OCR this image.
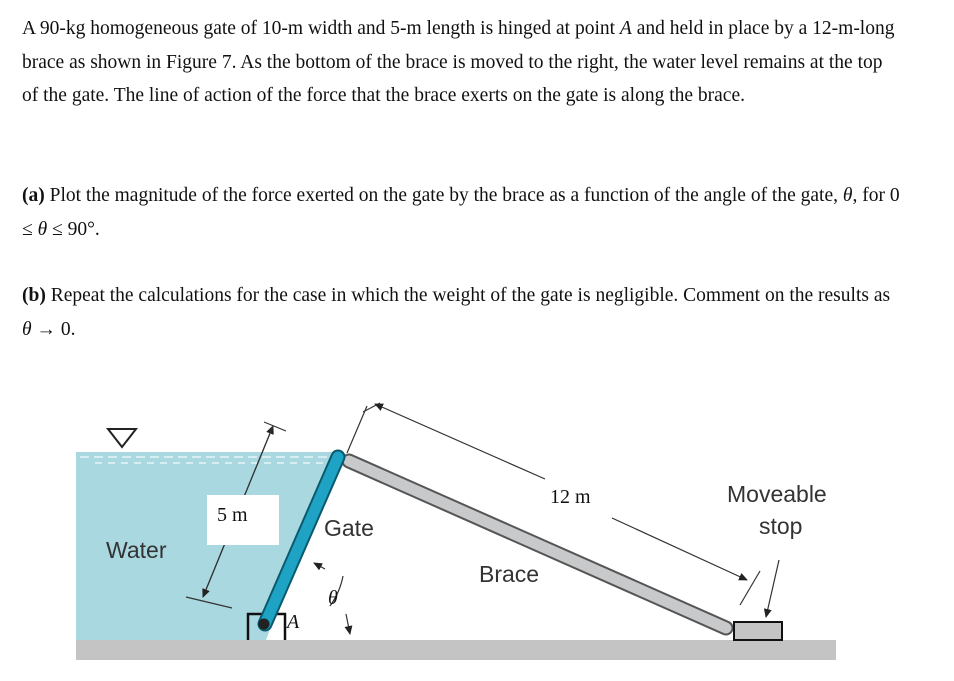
A 90-kg homogeneous gate of 10-m width and 5-m length is hinged at point A and held in place by a 12-m-long brace as shown in Figure 7. As the bottom of the brace is moved to the right, the water level remains at the top of the gate. The line of action of the force that the brace exerts on the gate is along the brace.

(a) Plot the magnitude of the force exerted on the gate by the brace as a function of the angle of the gate, θ, for 0 ≤ θ ≤ 90°.

(b) Repeat the calculations for the case in which the weight of the gate is negligible. Comment on the results as θ → 0.

5 m
12 m
Water
Gate
Brace
Moveable
stop
A
θ
